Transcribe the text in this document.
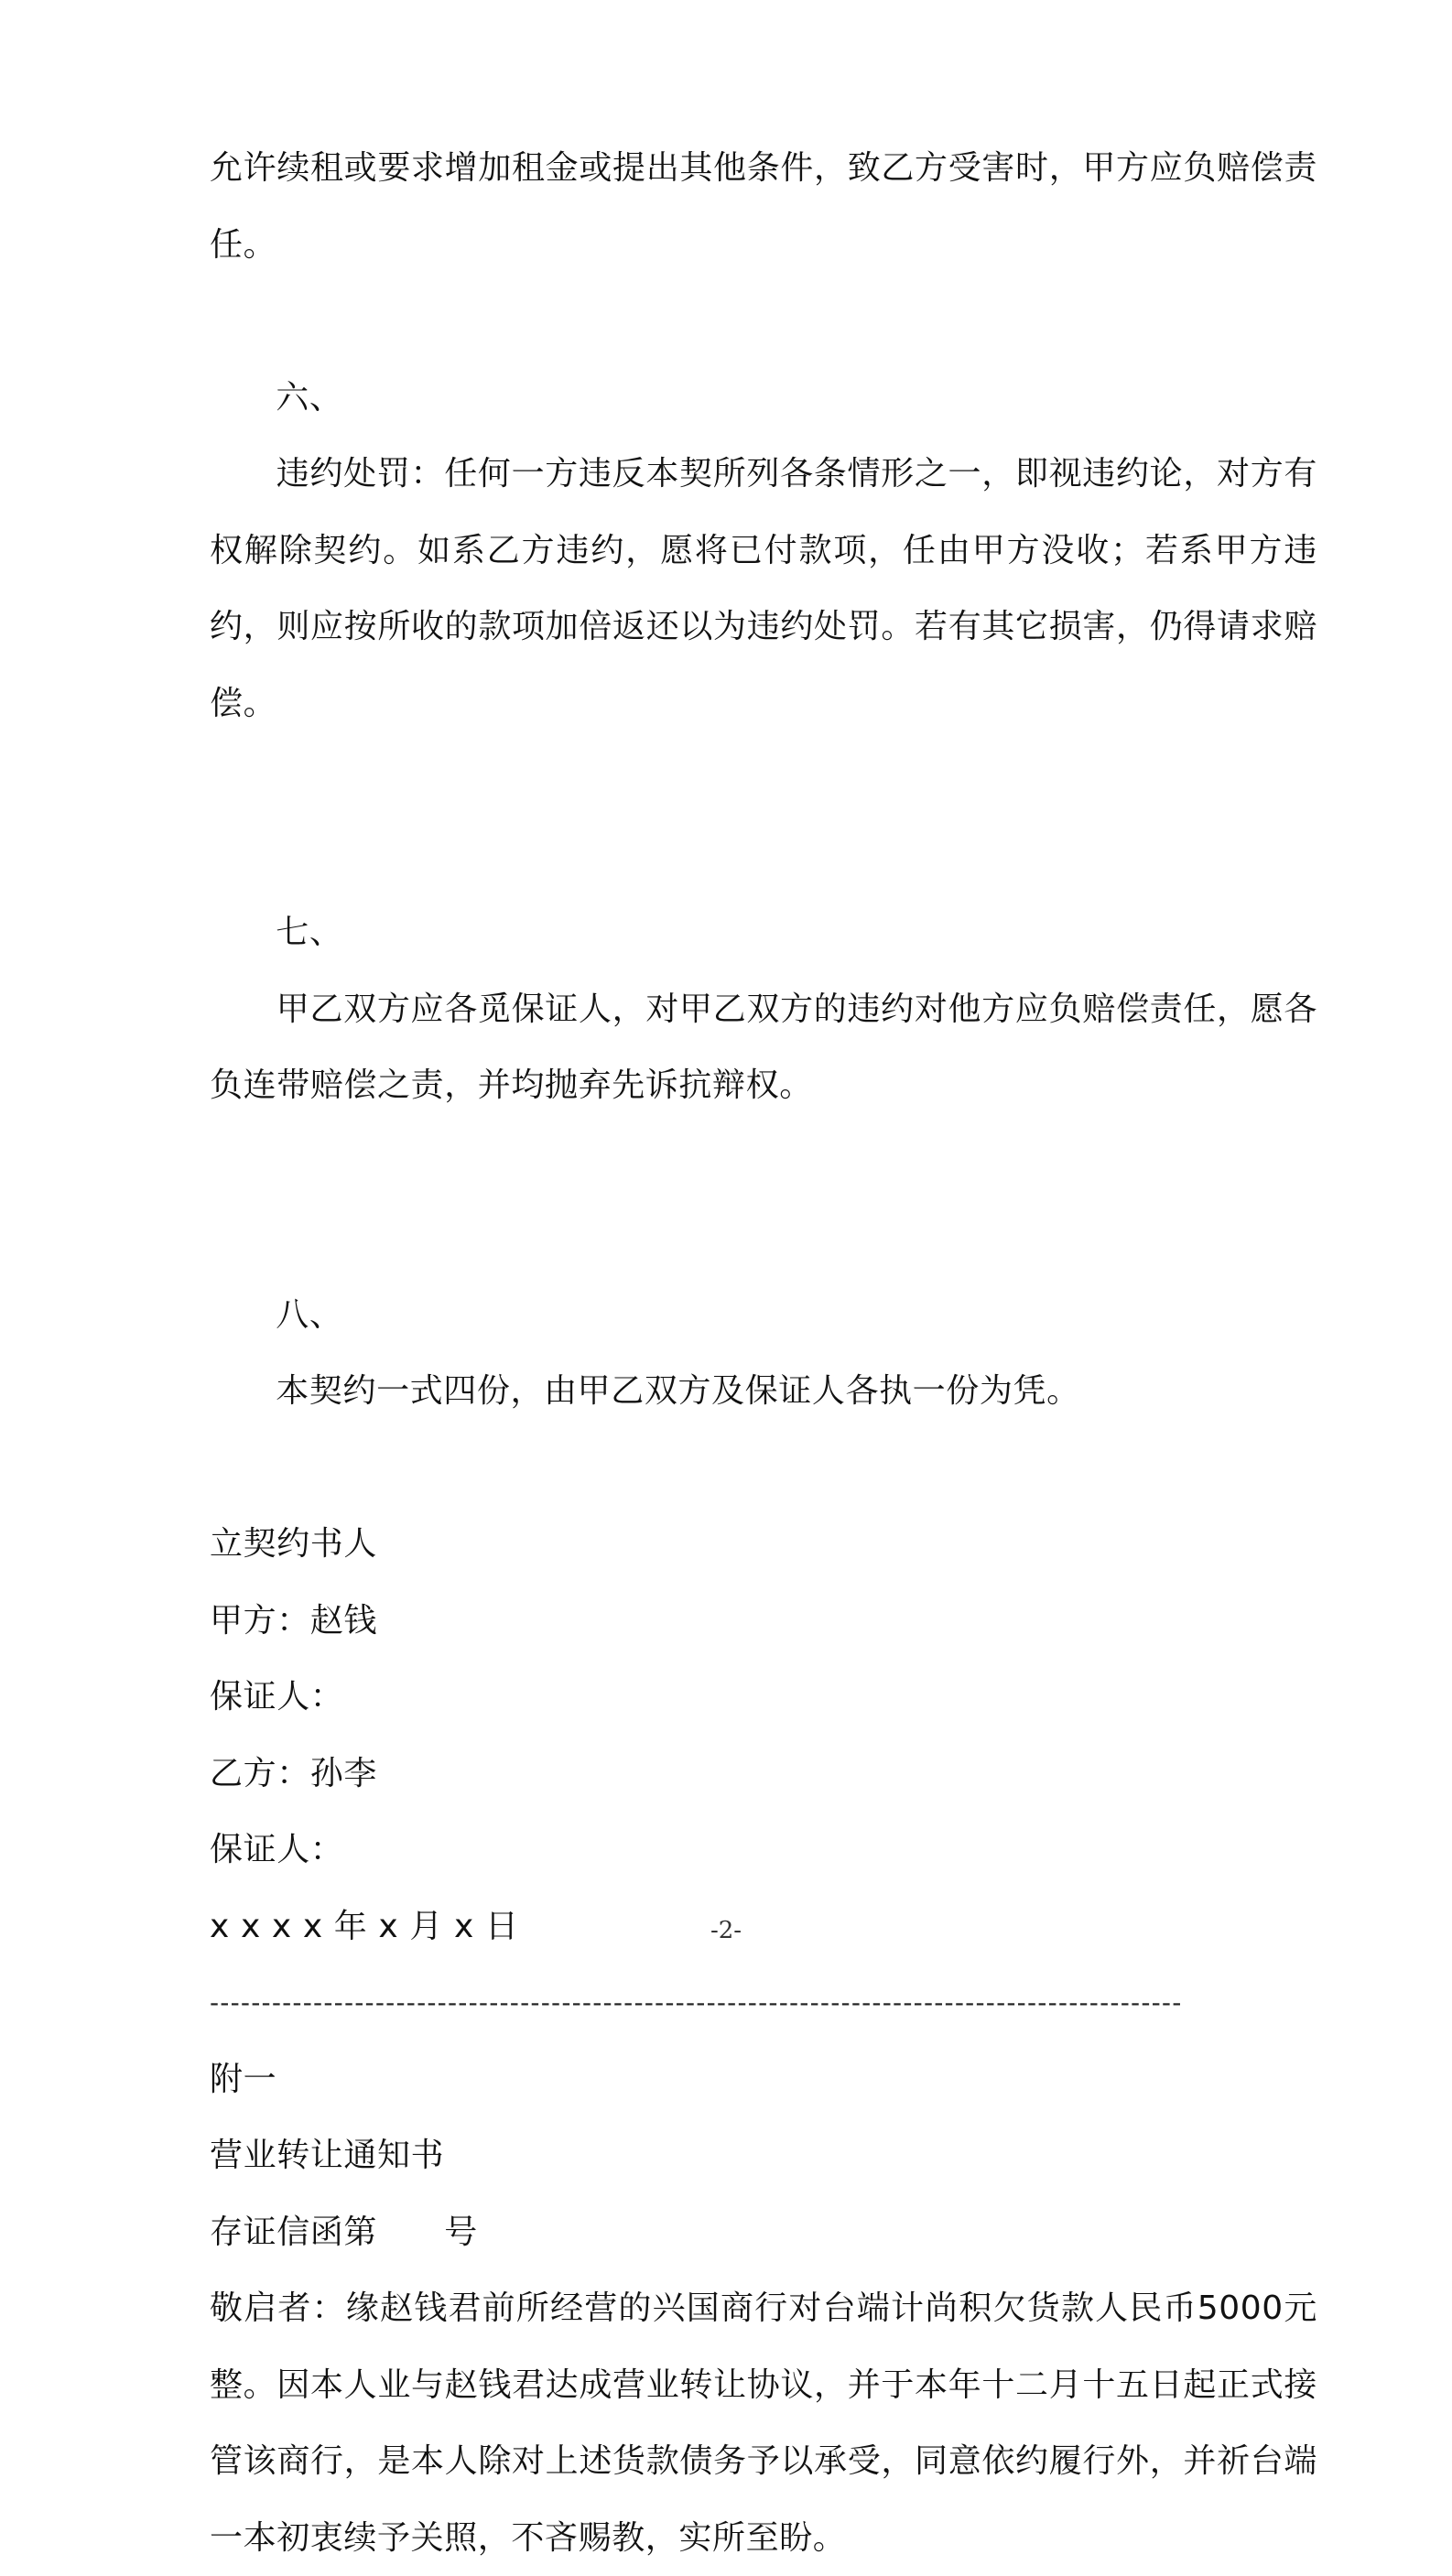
允许续租或要求增加租金或提出其他条件，致乙方受害时，甲方应负赔偿责任。

六、
违约处罚：任何一方违反本契所列各条情形之一，即视违约论，对方有权解除契约。如系乙方违约，愿将已付款项，任由甲方没收；若系甲方违约，则应按所收的款项加倍返还以为违约处罚。若有其它损害，仍得请求赔偿。

七、
甲乙双方应各觅保证人，对甲乙双方的违约对他方应负赔偿责任，愿各负连带赔偿之责，并均抛弃先诉抗辩权。

八、
本契约一式四份，由甲乙双方及保证人各执一份为凭。

立契约书人

甲方：赵钱

保证人：

乙方：孙李

保证人：

x x x x 年 x 月 x 日

----------------------------------------------------------------------------------------------

附一

营业转让通知书

存证信函第　　号

敬启者：缘赵钱君前所经营的兴国商行对台端计尚积欠货款人民币5000元整。因本人业与赵钱君达成营业转让协议，并于本年十二月十五日起正式接管该商行，是本人除对上述货款债务予以承受，同意依约履行外，并祈台端一本初衷续予关照，不吝赐教，实所至盼。

-2-
